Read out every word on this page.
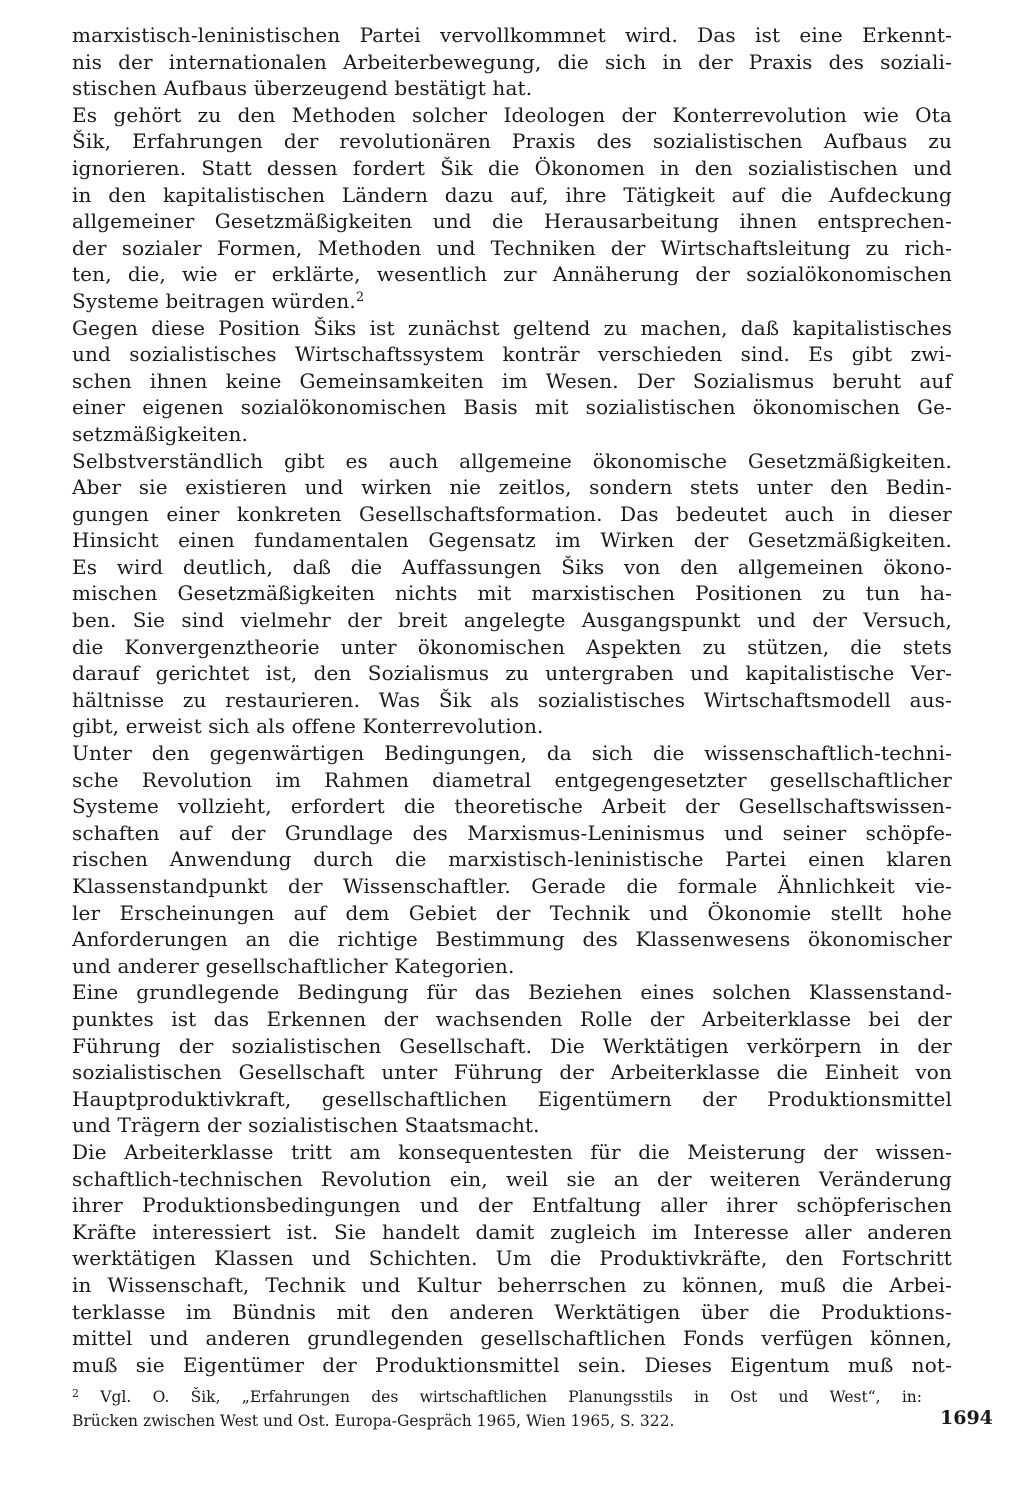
marxistisch-leninistischen Partei vervollkommnet wird. Das ist eine Erkennt-
nis der internationalen Arbeiterbewegung, die sich in der Praxis des soziali-
stischen Aufbaus überzeugend bestätigt hat.
Es gehört zu den Methoden solcher Ideologen der Konterrevolution wie Ota
Šik, Erfahrungen der revolutionären Praxis des sozialistischen Aufbaus zu
ignorieren. Statt dessen fordert Šik die Ökonomen in den sozialistischen und
in den kapitalistischen Ländern dazu auf, ihre Tätigkeit auf die Aufdeckung
allgemeiner Gesetzmäßigkeiten und die Herausarbeitung ihnen entsprechen-
der sozialer Formen, Methoden und Techniken der Wirtschaftsleitung zu rich-
ten, die, wie er erklärte, wesentlich zur Annäherung der sozialökonomischen
Systeme beitragen würden.$^2$
Gegen diese Position Šiks ist zunächst geltend zu machen, daß kapitalistisches
und sozialistisches Wirtschaftssystem konträr verschieden sind. Es gibt zwi-
schen ihnen keine Gemeinsamkeiten im Wesen. Der Sozialismus beruht auf
einer eigenen sozialökonomischen Basis mit sozialistischen ökonomischen Ge-
setzmäßigkeiten.
Selbstverständlich gibt es auch allgemeine ökonomische Gesetzmäßigkeiten.
Aber sie existieren und wirken nie zeitlos, sondern stets unter den Bedin-
gungen einer konkreten Gesellschaftsformation. Das bedeutet auch in dieser
Hinsicht einen fundamentalen Gegensatz im Wirken der Gesetzmäßigkeiten.
Es wird deutlich, daß die Auffassungen Šiks von den allgemeinen ökono-
mischen Gesetzmäßigkeiten nichts mit marxistischen Positionen zu tun ha-
ben. Sie sind vielmehr der breit angelegte Ausgangspunkt und der Versuch,
die Konvergenztheorie unter ökonomischen Aspekten zu stützen, die stets
darauf gerichtet ist, den Sozialismus zu untergraben und kapitalistische Ver-
hältnisse zu restaurieren. Was Šik als sozialistisches Wirtschaftsmodell aus-
gibt, erweist sich als offene Konterrevolution.
Unter den gegenwärtigen Bedingungen, da sich die wissenschaftlich-techni-
sche Revolution im Rahmen diametral entgegengesetzter gesellschaftlicher
Systeme vollzieht, erfordert die theoretische Arbeit der Gesellschaftswissen-
schaften auf der Grundlage des Marxismus-Leninismus und seiner schöpfe-
rischen Anwendung durch die marxistisch-leninistische Partei einen klaren
Klassenstandpunkt der Wissenschaftler. Gerade die formale Ähnlichkeit vie-
ler Erscheinungen auf dem Gebiet der Technik und Ökonomie stellt hohe
Anforderungen an die richtige Bestimmung des Klassenwesens ökonomischer
und anderer gesellschaftlicher Kategorien.
Eine grundlegende Bedingung für das Beziehen eines solchen Klassenstand-
punktes ist das Erkennen der wachsenden Rolle der Arbeiterklasse bei der
Führung der sozialistischen Gesellschaft. Die Werktätigen verkörpern in der
sozialistischen Gesellschaft unter Führung der Arbeiterklasse die Einheit von
Hauptproduktivkraft, gesellschaftlichen Eigentümern der Produktionsmittel
und Trägern der sozialistischen Staatsmacht.
Die Arbeiterklasse tritt am konsequentesten für die Meisterung der wissen-
schaftlich-technischen Revolution ein, weil sie an der weiteren Veränderung
ihrer Produktionsbedingungen und der Entfaltung aller ihrer schöpferischen
Kräfte interessiert ist. Sie handelt damit zugleich im Interesse aller anderen
werktätigen Klassen und Schichten. Um die Produktivkräfte, den Fortschritt
in Wissenschaft, Technik und Kultur beherrschen zu können, muß die Arbei-
terklasse im Bündnis mit den anderen Werktätigen über die Produktions-
mittel und anderen grundlegenden gesellschaftlichen Fonds verfügen können,
muß sie Eigentümer der Produktionsmittel sein. Dieses Eigentum muß not-
$^2$ Vgl. O. Šik, „Erfahrungen des wirtschaftlichen Planungsstils in Ost und West“, in:
Brücken zwischen West und Ost. Europa-Gespräch 1965, Wien 1965, S. 322.	1694
